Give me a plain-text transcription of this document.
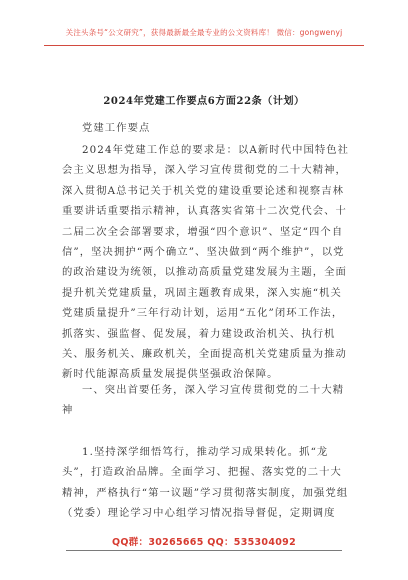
关注头条号“公文研究”，获得最新最全最专业的公文资料库！ 微信：gongwenyj
2024年党建工作要点6方面22条（计划）

党建工作要点

2024年党建工作总的要求是：以A新时代中国特色社会主义思想为指导，深入学习宣传贯彻党的二十大精神，深入贯彻A总书记关于机关党的建设重要论述和视察吉林重要讲话重要指示精神，认真落实省第十二次党代会、十二届二次全会部署要求，增强“四个意识”、坚定“四个自信”，坚决拥护“两个确立”、坚决做到“两个维护”，以党的政治建设为统领，以推动高质量党建发展为主题，全面提升机关党建质量，巩固主题教育成果，深入实施“机关党建质量提升”三年行动计划，运用“五化”闭环工作法，抓落实、强监督、促发展，着力建设政治机关、执行机关、服务机关、廉政机关，全面提高机关党建质量为推动新时代能源高质量发展提供坚强政治保障。

一、突出首要任务，深入学习宣传贯彻党的二十大精神

1.坚持深学细悟笃行，推动学习成果转化。抓“龙头”，打造政治品牌。全面学习、把握、落实党的二十大精神，严格执行“第一议题”学习贯彻落实制度，加强党组（党委）理论学习中心组学习情况指导督促，定期调度

QQ群：30265665 QQ：535304092
